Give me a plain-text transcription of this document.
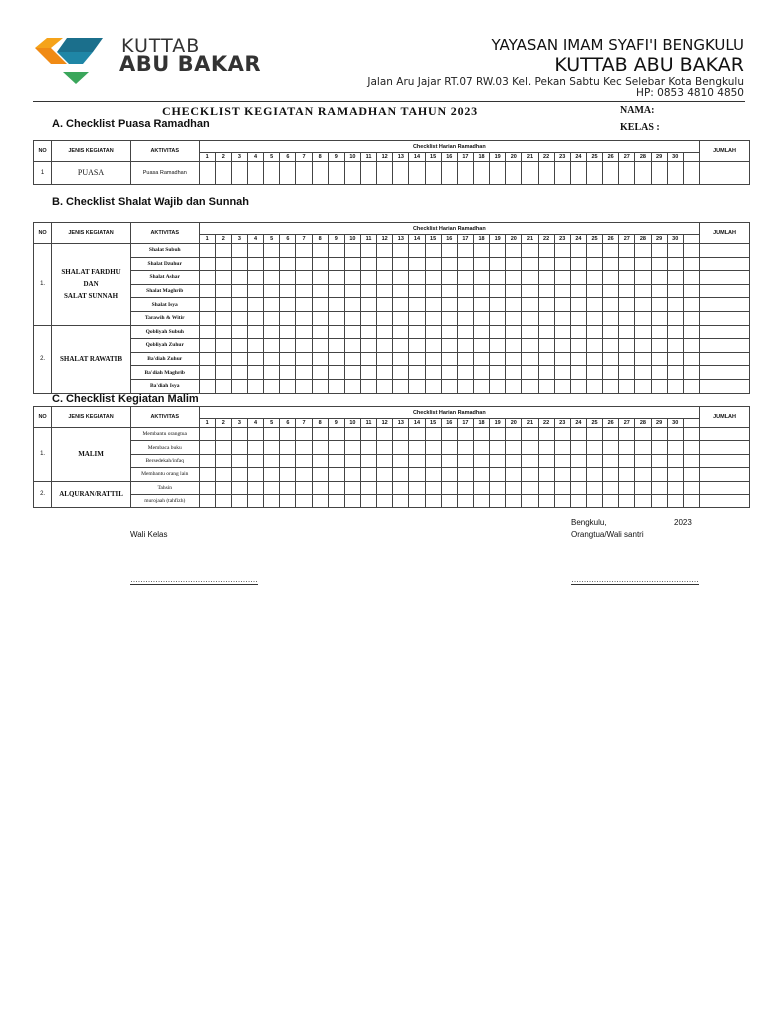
KUTTAB
ABU BAKAR
YAYASAN IMAM SYAFI'I BENGKULU
KUTTAB ABU BAKAR
Jalan Aru Jajar RT.07 RW.03 Kel. Pekan Sabtu Kec Selebar Kota Bengkulu
HP: 0853 4810 4850
CHECKLIST KEGIATAN RAMADHAN TAHUN 2023	NAMA:
KELAS :
A. Checklist Puasa Ramadhan
B. Checklist Shalat Wajib dan Sunnah
C. Checklist Kegiatan Malim
NO	JENIS KEGIATAN	AKTIVITAS	Checklist Harian Ramadhan																															JUMLAH
			1	2	3	4	5	6	7	8	9	10	11	12	13	14	15	16	17	18	19	20	21	22	23	24	25	26	27	28	29	30		
1	PUASA	Puasa Ramadhan																																
NO	JENIS KEGIATAN	AKTIVITAS	Checklist Harian Ramadhan																															JUMLAH
			1	2	3	4	5	6	7	8	9	10	11	12	13	14	15	16	17	18	19	20	21	22	23	24	25	26	27	28	29	30		
1.	SHALAT FARDHU
DAN
SALAT SUNNAH	Shalat Subuh																																
		Shalat Dzuhur																																
		Shalat Ashar																																
		Shalat Maghrib																																
		Shalat Isya																																
		Tarawih & Witir																																
2.	SHALAT RAWATIB	Qobliyah Subuh																																
		Qobliyah Zuhur																																
		Ba'diah Zuhur																																
		Ba'diah Maghrib																																
		Ba'diah Isya																																
NO	JENIS KEGIATAN	AKTIVITAS	Checklist Harian Ramadhan																															JUMLAH
			1	2	3	4	5	6	7	8	9	10	11	12	13	14	15	16	17	18	19	20	21	22	23	24	25	26	27	28	29	30		
1.	MALIM	Membantu orangtua																																
		Membaca buku																																
		Bersedekah/infaq																																
		Membantu orang lain																																
2.	ALQURAN/RATTIL	Tahsin																																
		murojaah (tahfizh)																																
Bengkulu,	2023
Wali Kelas	Orangtua/Wali santri
……………………………………………	……………………………………………
